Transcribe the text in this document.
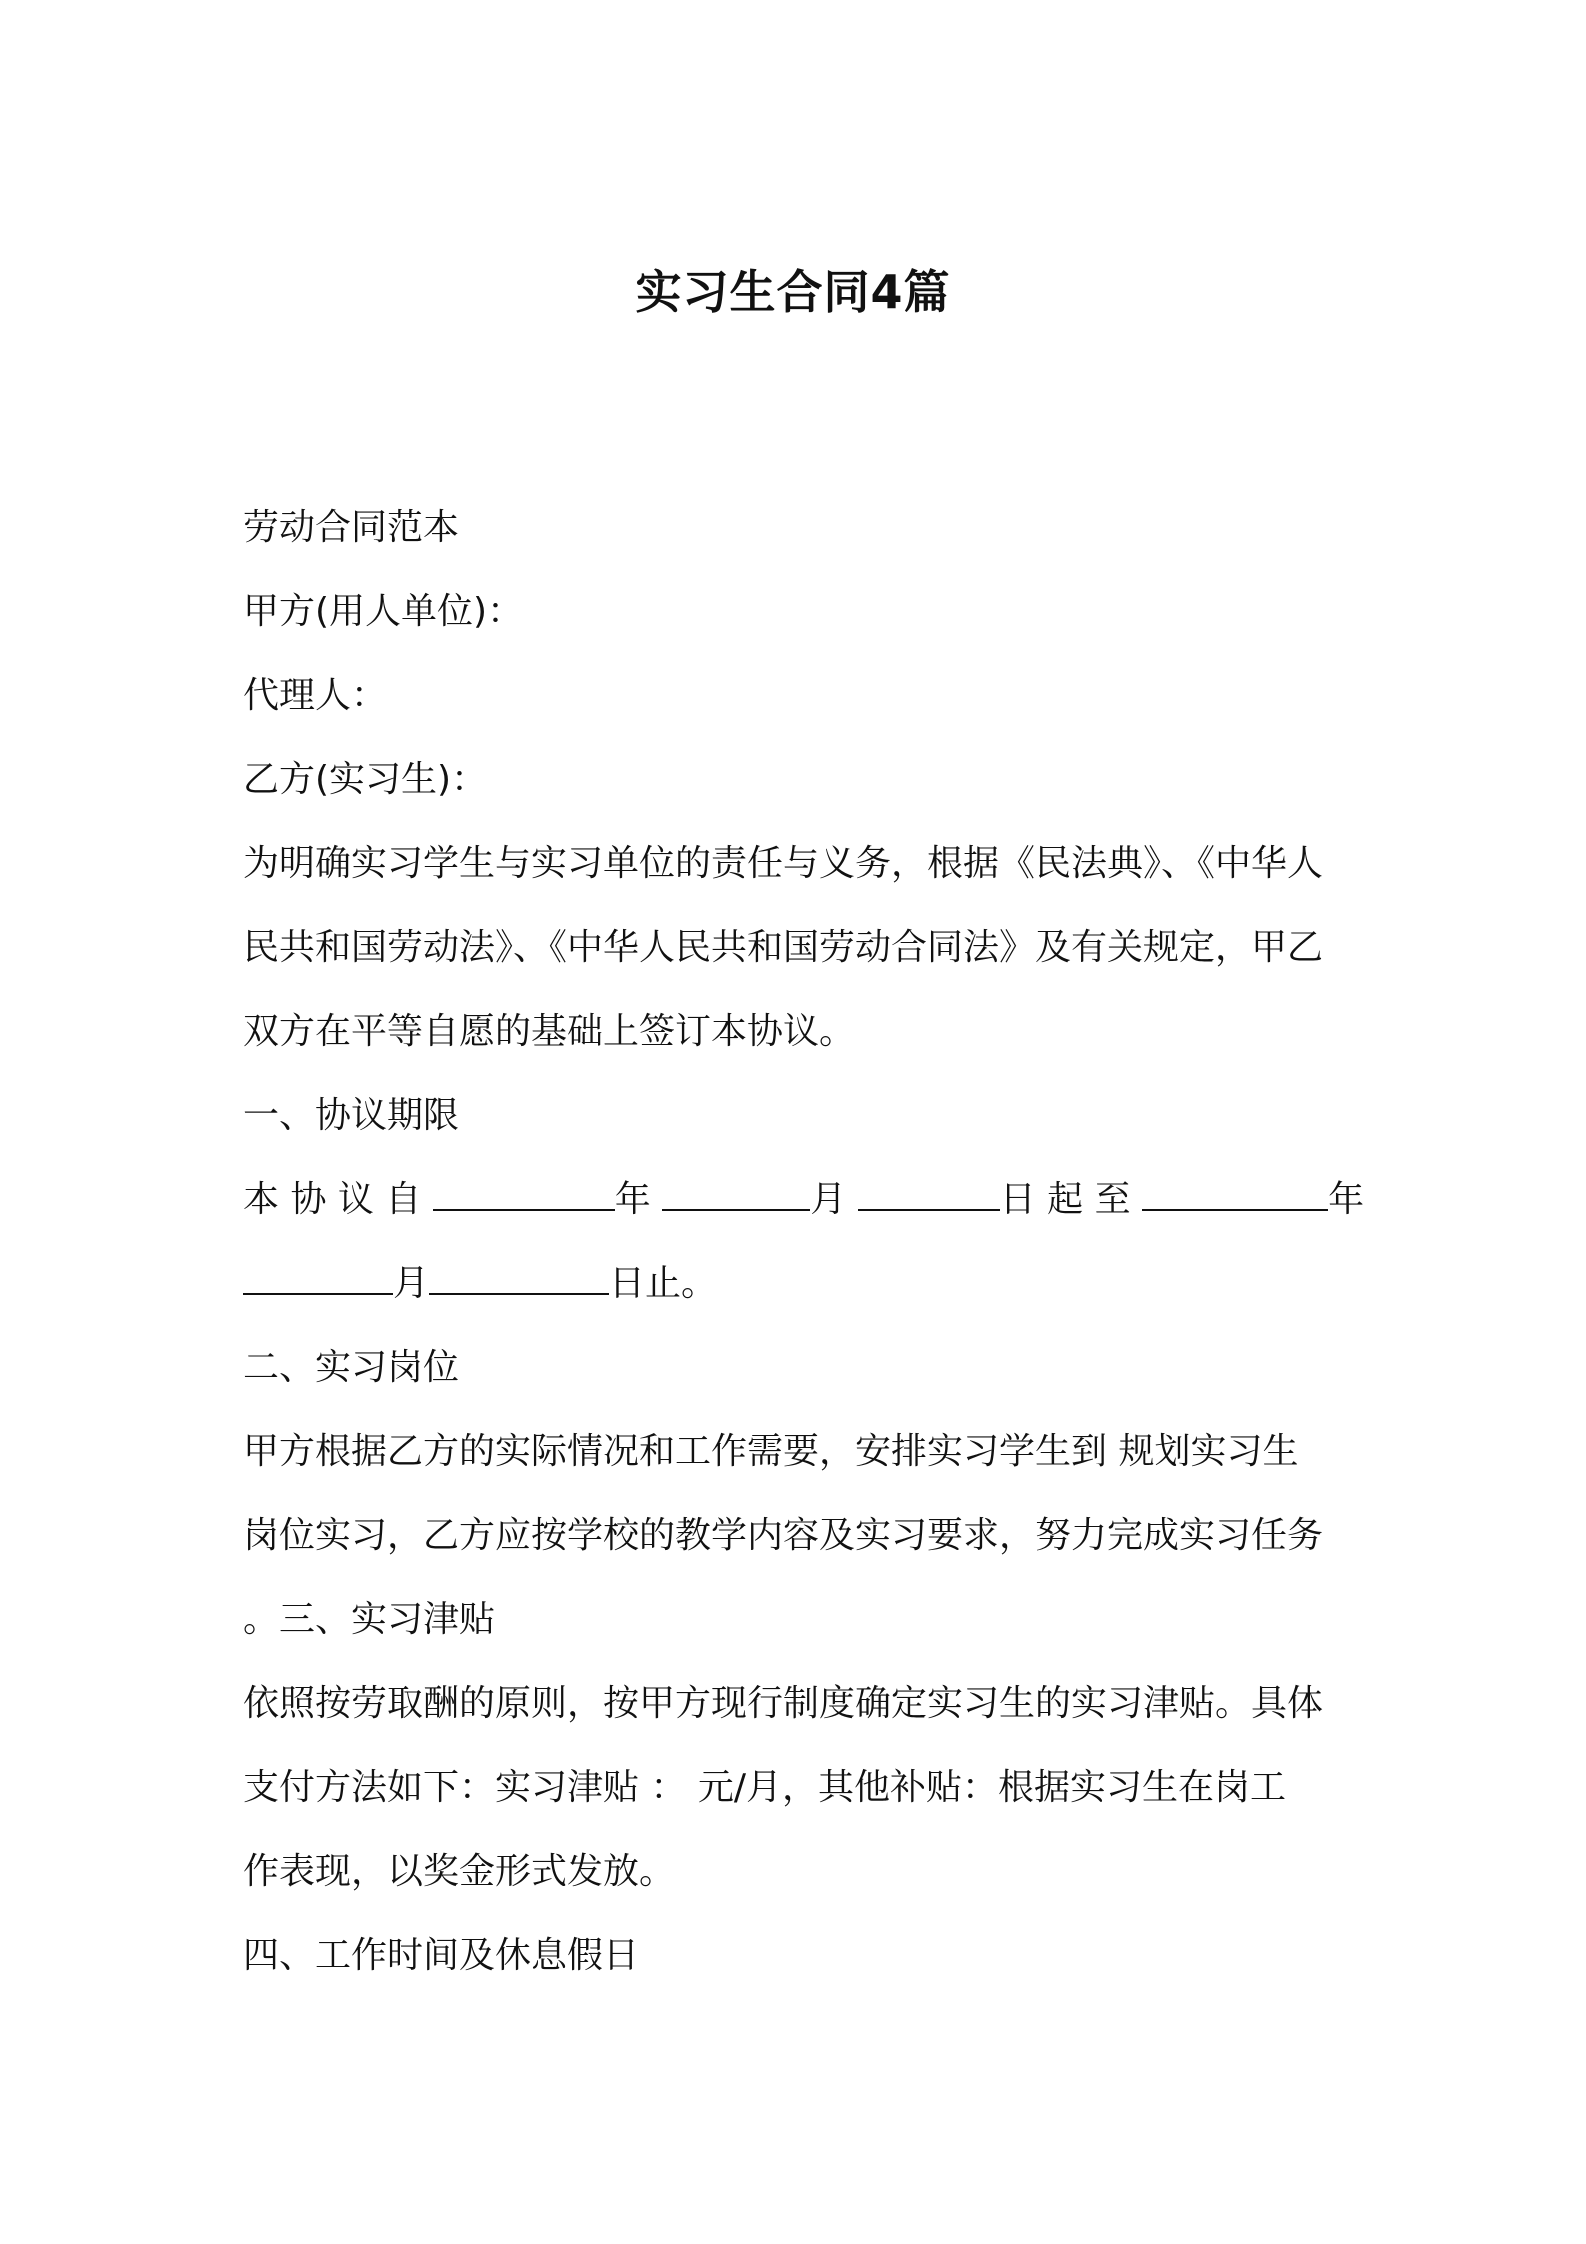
实习生合同4篇
劳动合同范本
甲方(用人单位)：
代理人：
乙方(实习生)：
为明确实习学生与实习单位的责任与义务，根据《民法典》、《中华人
民共和国劳动法》、《中华人民共和国劳动合同法》及有关规定，甲乙
双方在平等自愿的基础上签订本协议。
一、协议期限
本 协 议 自	年	月	日 起 至	年
月	日止。
二、实习岗位
甲方根据乙方的实际情况和工作需要，安排实习学生到 规划实习生
岗位实习，乙方应按学校的教学内容及实习要求，努力完成实习任务
。三、实习津贴
依照按劳取酬的原则，按甲方现行制度确定实习生的实习津贴。具体
支付方法如下：实习津贴 ： 元/月，其他补贴：根据实习生在岗工
作表现，以奖金形式发放。
四、工作时间及休息假日
